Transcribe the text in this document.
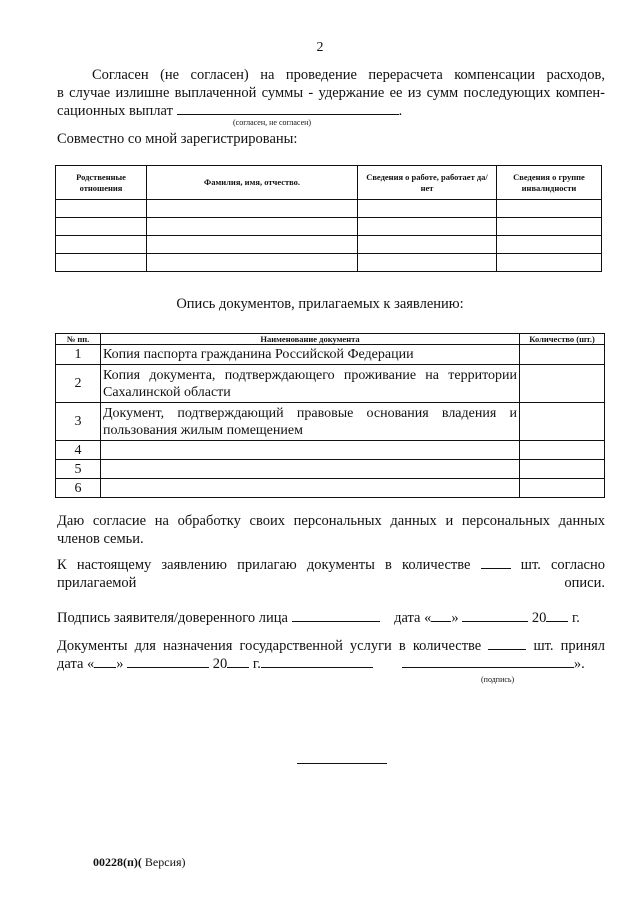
2
Согласен (не согласен) на проведение перерасчета компенсации расходов,
в случае излишне выплаченной суммы - удержание ее из сумм последующих компен-
сационных выплат	.
(согласен, не согласен)
Совместно со мной зарегистрированы:
Родственные отношения	Фамилия, имя, отчество.	Сведения о работе, работает да/нет	Сведения о группе инвалидности

Опись документов, прилагаемых к заявлению:
№ пп.	Наименование документа	Количество (шт.)
1	Копия паспорта гражданина Российской Федерации	
2	Копия документа, подтверждающего проживание на территории Сахалинской области	
3	Документ, подтверждающий правовые основания владения и пользования жилым помещением	
4		
5		
6		
Даю согласие на обработку своих персональных данных и персональных данных членов семьи.
К настоящему заявлению прилагаю документы в количестве	шт. согласно прилагаемой описи.
Подпись заявителя/доверенного лица	дата « »	20 г.
Документы для назначения государственной услуги в количестве	шт. принял
дата « »	20 г.	».
(подпись)
00228(п)( Версия)
